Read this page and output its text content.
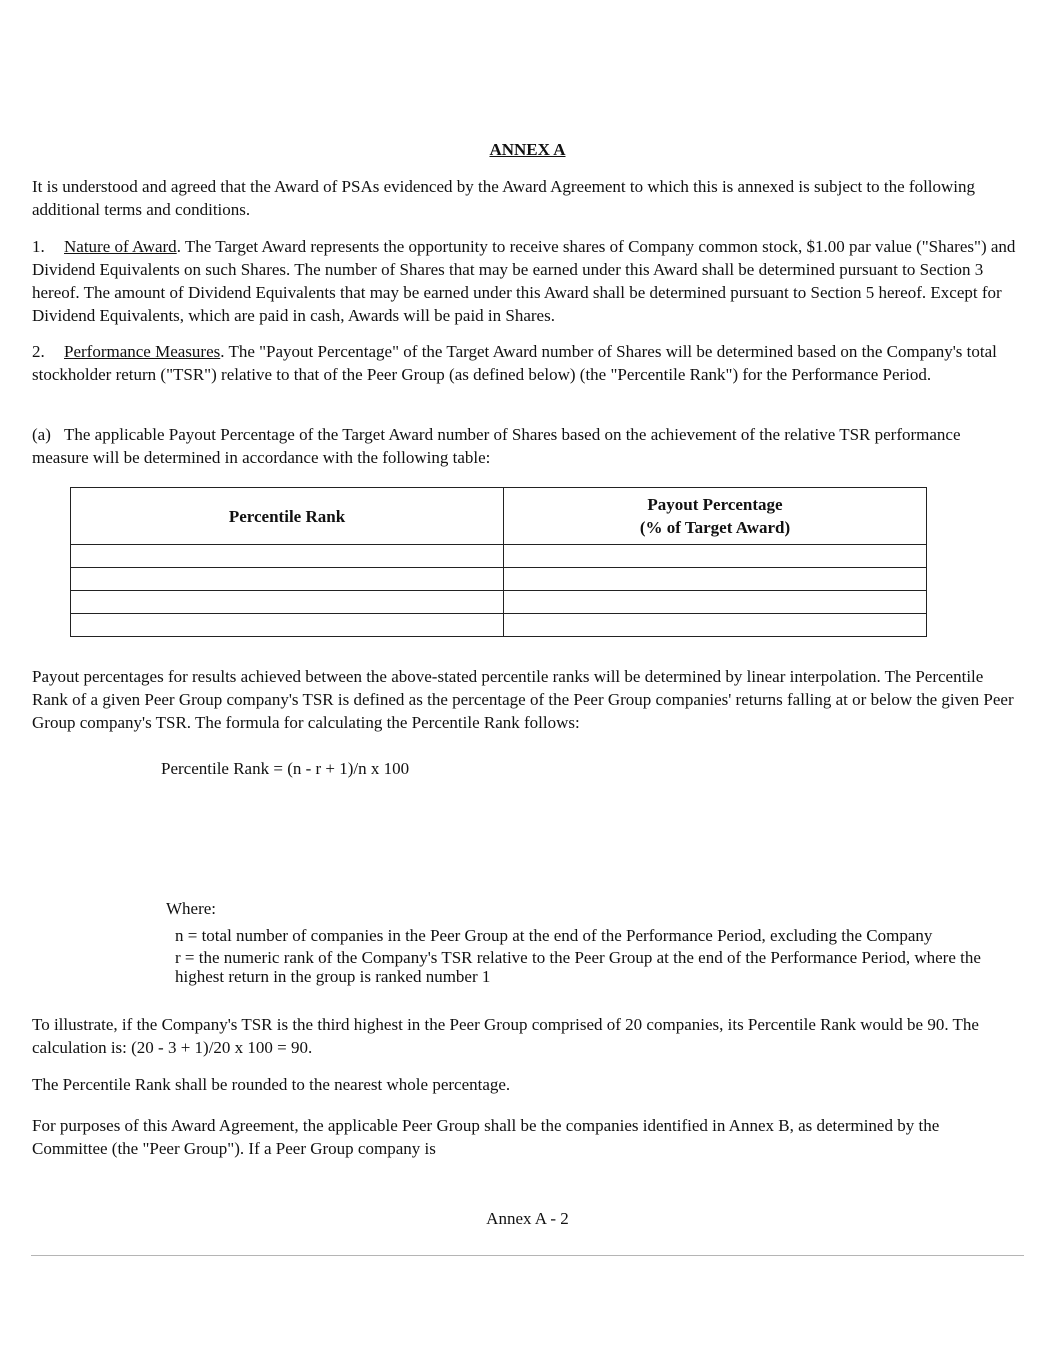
ANNEX A

It is understood and agreed that the Award of PSAs evidenced by the Award Agreement to which this is annexed is subject to the following additional terms and conditions.

1. Nature of Award. The Target Award represents the opportunity to receive shares of Company common stock, $1.00 par value ("Shares") and Dividend Equivalents on such Shares. The number of Shares that may be earned under this Award shall be determined pursuant to Section 3 hereof. The amount of Dividend Equivalents that may be earned under this Award shall be determined pursuant to Section 5 hereof. Except for Dividend Equivalents, which are paid in cash, Awards will be paid in Shares.

2. Performance Measures. The "Payout Percentage" of the Target Award number of Shares will be determined based on the Company's total stockholder return ("TSR") relative to that of the Peer Group (as defined below) (the "Percentile Rank") for the Performance Period.

(a) The applicable Payout Percentage of the Target Award number of Shares based on the achievement of the relative TSR performance measure will be determined in accordance with the following table:

Percentile Rank	Payout Percentage
(% of Target Award)

Payout percentages for results achieved between the above-stated percentile ranks will be determined by linear interpolation. The Percentile Rank of a given Peer Group company's TSR is defined as the percentage of the Peer Group companies' returns falling at or below the given Peer Group company's TSR. The formula for calculating the Percentile Rank follows:

Percentile Rank = (n - r + 1)/n x 100
Where:

n = total number of companies in the Peer Group at the end of the Performance Period, excluding the Company

r = the numeric rank of the Company's TSR relative to the Peer Group at the end of the Performance Period, where the highest return in the group is ranked number 1

To illustrate, if the Company's TSR is the third highest in the Peer Group comprised of 20 companies, its Percentile Rank would be 90. The calculation is: (20 - 3 + 1)/20 x 100 = 90.

The Percentile Rank shall be rounded to the nearest whole percentage.

For purposes of this Award Agreement, the applicable Peer Group shall be the companies identified in Annex B, as determined by the Committee (the "Peer Group"). If a Peer Group company is

Annex A - 2
